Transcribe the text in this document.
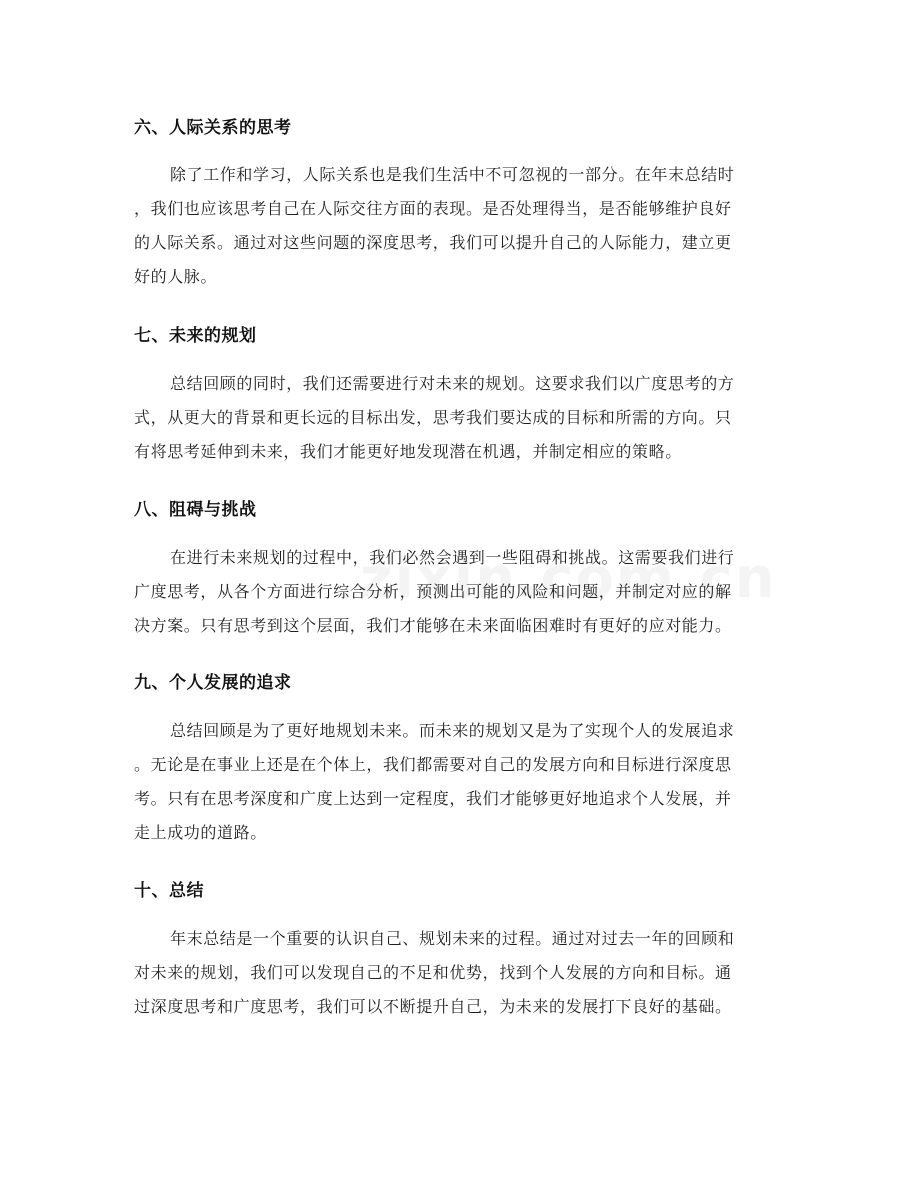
六、人际关系的思考
除了工作和学习，人际关系也是我们生活中不可忽视的一部分。在年末总结时
，我们也应该思考自己在人际交往方面的表现。是否处理得当，是否能够维护良好
的人际关系。通过对这些问题的深度思考，我们可以提升自己的人际能力，建立更
好的人脉。
七、未来的规划
总结回顾的同时，我们还需要进行对未来的规划。这要求我们以广度思考的方
式，从更大的背景和更长远的目标出发，思考我们要达成的目标和所需的方向。只
有将思考延伸到未来，我们才能更好地发现潜在机遇，并制定相应的策略。
八、阻碍与挑战
在进行未来规划的过程中，我们必然会遇到一些阻碍和挑战。这需要我们进行
广度思考，从各个方面进行综合分析，预测出可能的风险和问题，并制定对应的解
决方案。只有思考到这个层面，我们才能够在未来面临困难时有更好的应对能力。
九、个人发展的追求
总结回顾是为了更好地规划未来。而未来的规划又是为了实现个人的发展追求
。无论是在事业上还是在个体上，我们都需要对自己的发展方向和目标进行深度思
考。只有在思考深度和广度上达到一定程度，我们才能够更好地追求个人发展，并
走上成功的道路。
十、总结
年末总结是一个重要的认识自己、规划未来的过程。通过对过去一年的回顾和
对未来的规划，我们可以发现自己的不足和优势，找到个人发展的方向和目标。通
过深度思考和广度思考，我们可以不断提升自己，为未来的发展打下良好的基础。
